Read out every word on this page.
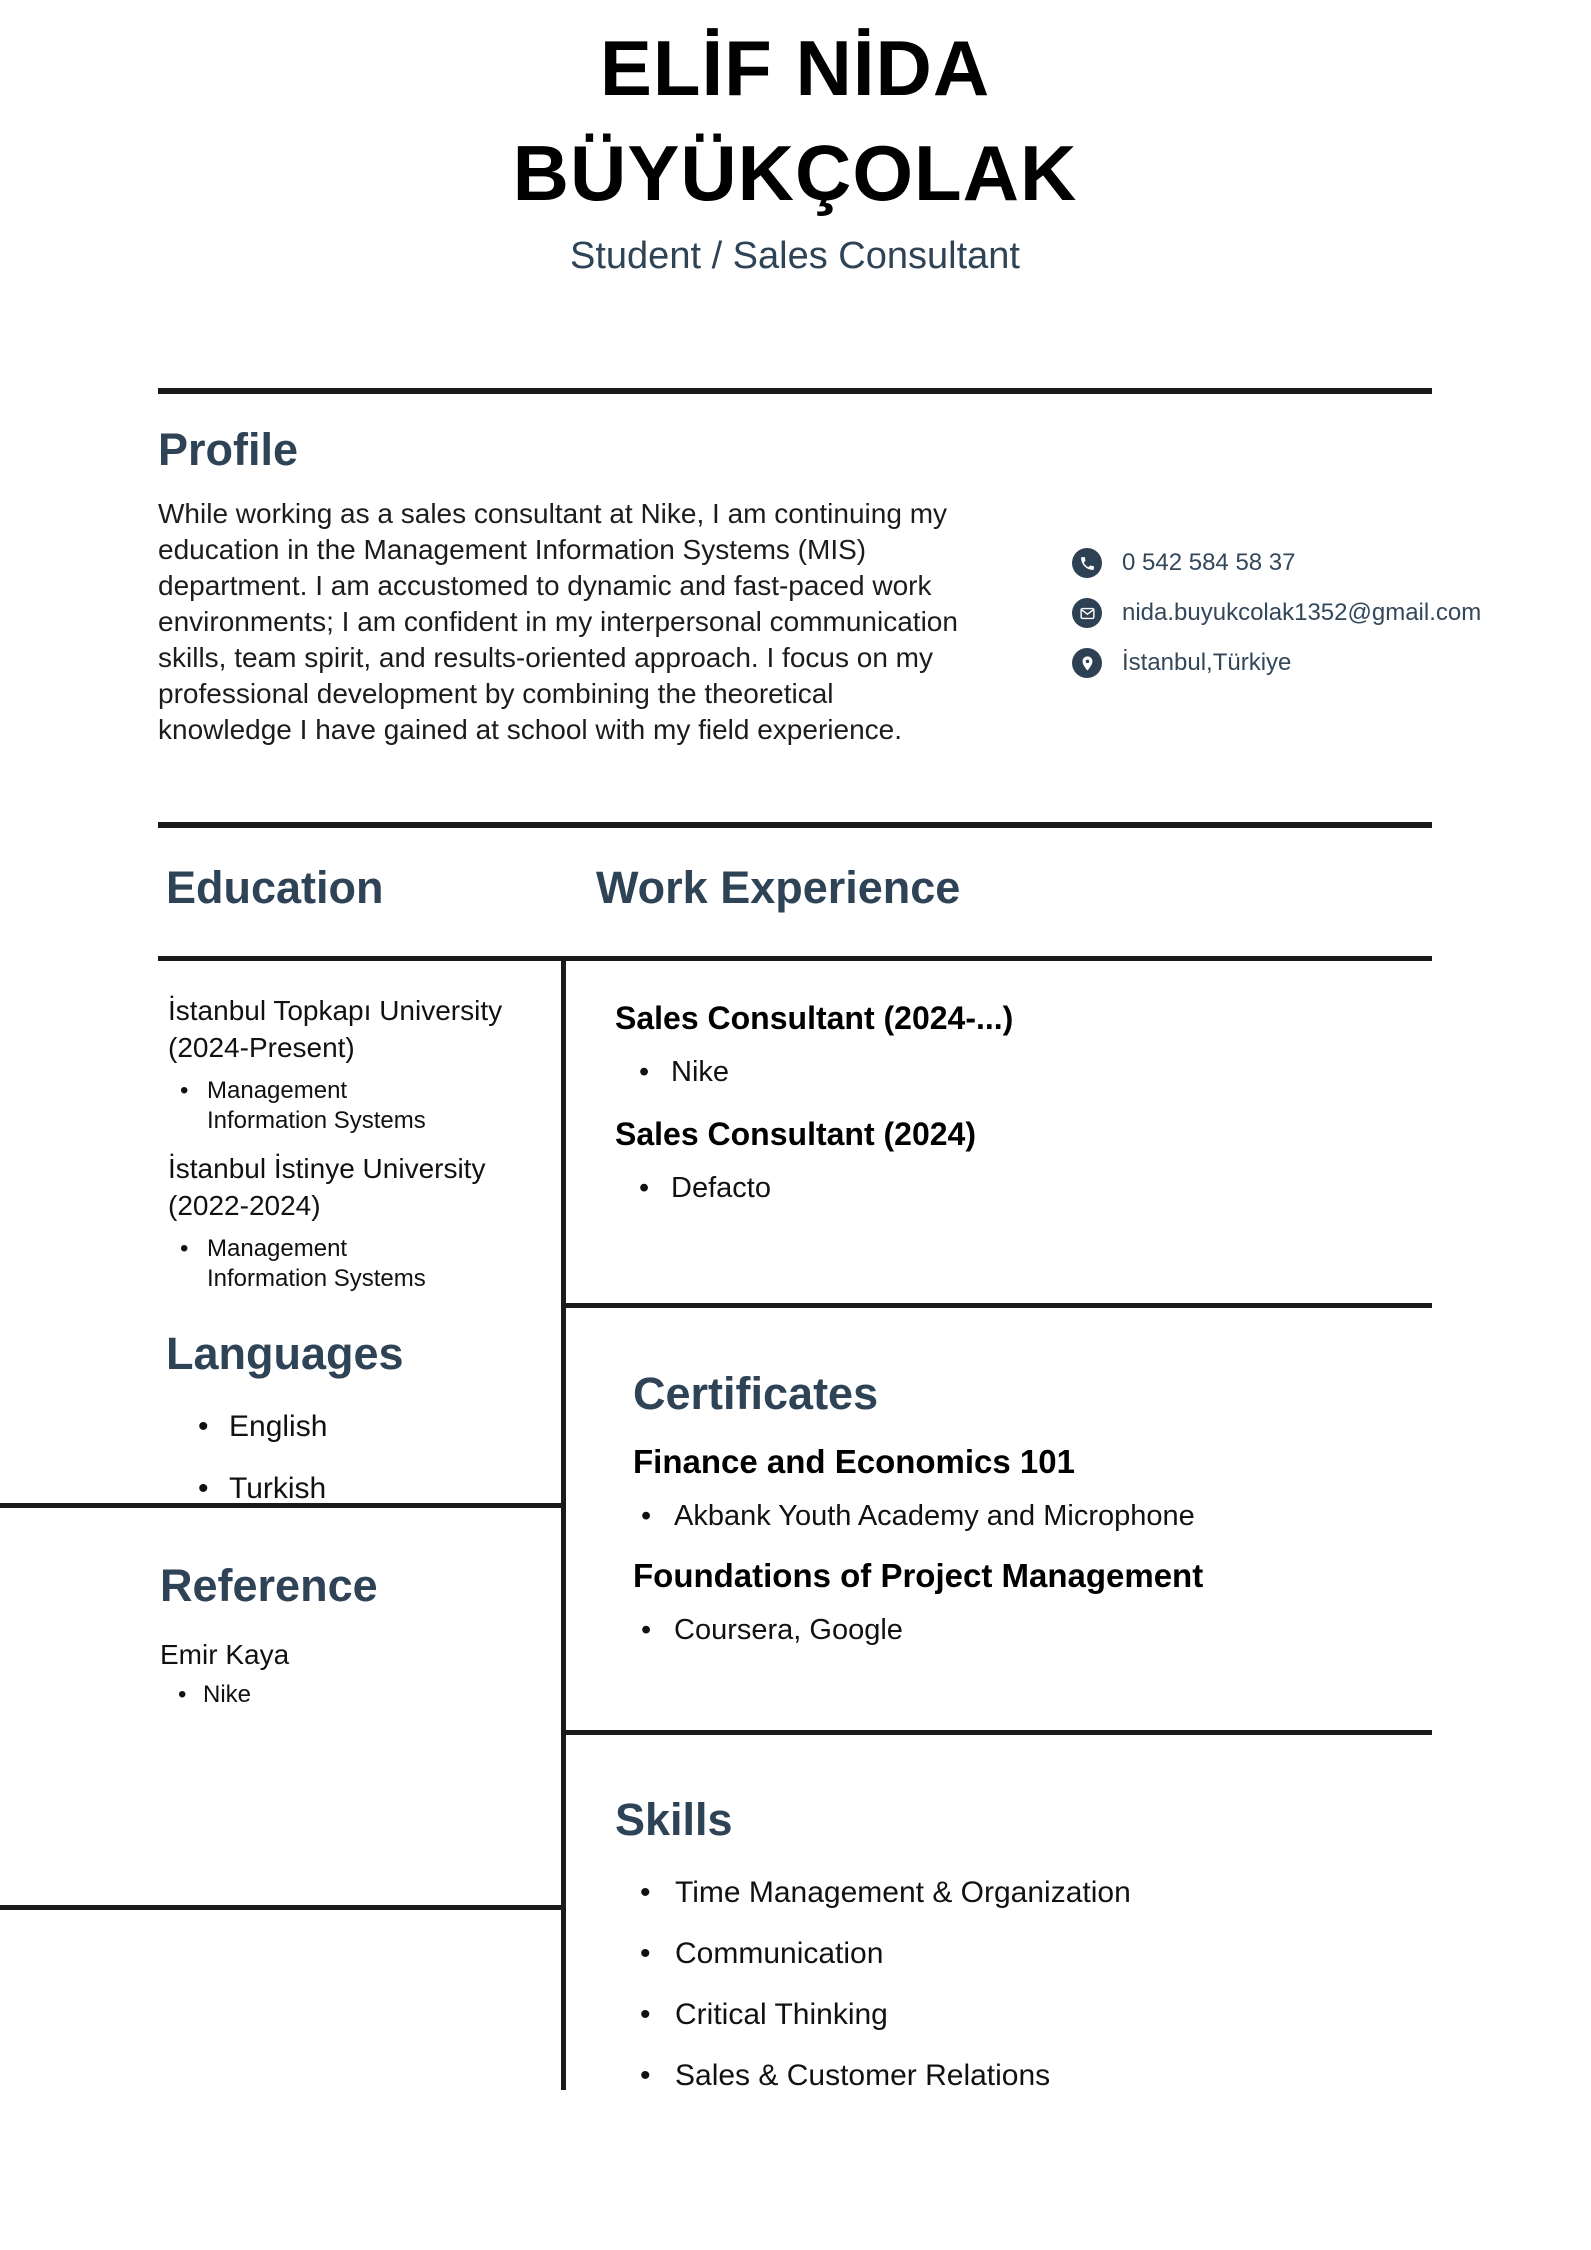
ELİF NİDA
BÜYÜKÇOLAK
Student / Sales Consultant
Profile

While working as a sales consultant at Nike, I am continuing my education in the Management Information Systems (MIS) department. I am accustomed to dynamic and fast-paced work environments; I am confident in my interpersonal communication skills, team spirit, and results-oriented approach. I focus on my professional development by combining the theoretical knowledge I have gained at school with my field experience.

0 542 584 58 37
nida.buyukcolak1352@gmail.com
İstanbul,Türkiye
Education	Work Experience
İstanbul Topkapı University
(2024-Present)
• Management Information Systems
İstanbul İstinye University
(2022-2024)
• Management Information Systems
Sales Consultant (2024-...)
• Nike
Sales Consultant (2024)
• Defacto
Languages
• English
• Turkish
Reference
Emir Kaya
• Nike
Certificates
Finance and Economics 101
• Akbank Youth Academy and Microphone
Foundations of Project Management
• Coursera, Google
Skills
• Time Management & Organization
• Communication
• Critical Thinking
• Sales & Customer Relations
